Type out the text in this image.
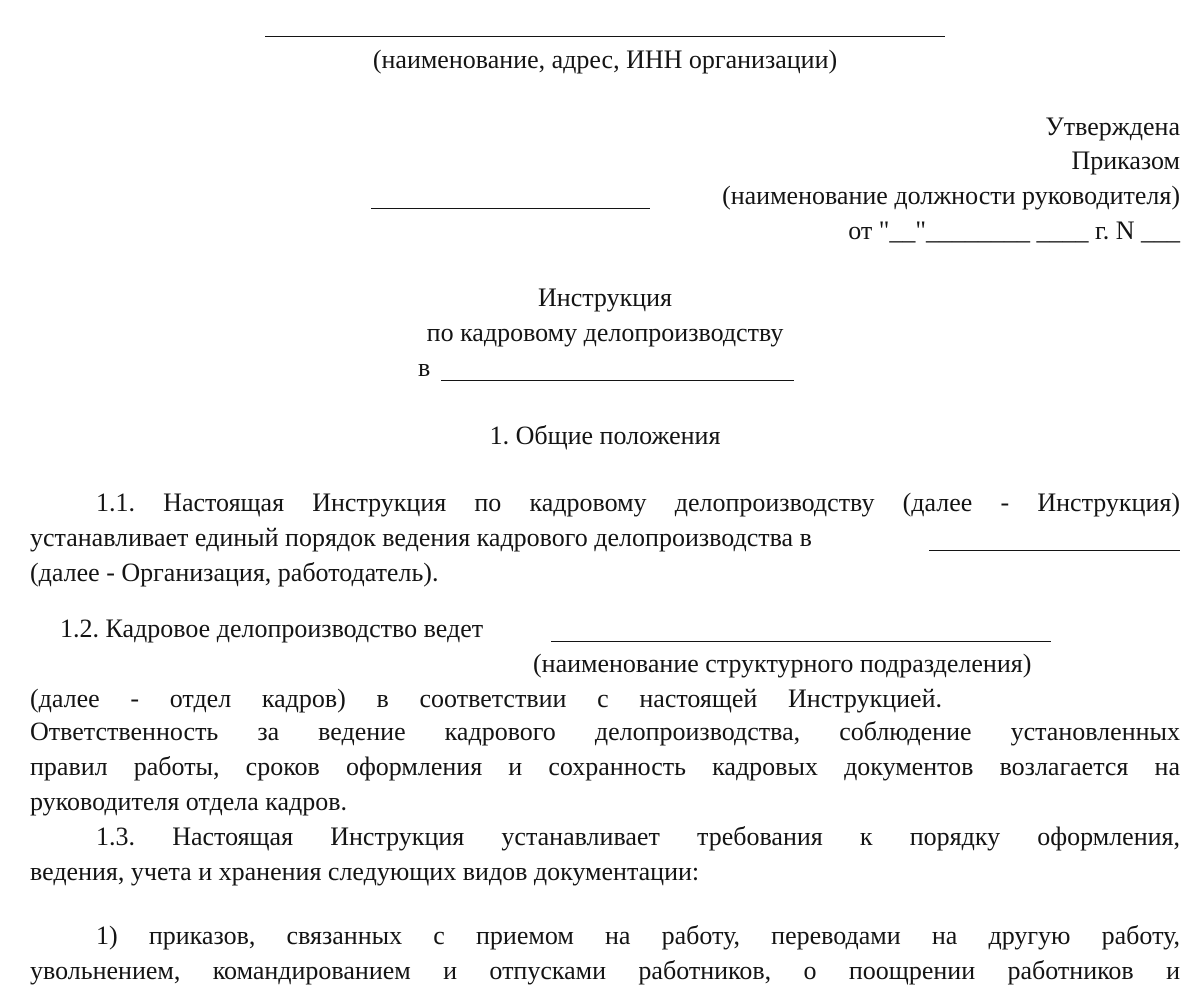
(наименование, адрес, ИНН организации)
Утверждена
Приказом
(наименование должности руководителя)
от "__"________ ____ г. N ___
Инструкция
по кадровому делопроизводству
в
1. Общие положения
1.1. Настоящая Инструкция по кадровому делопроизводству (далее - Инструкция)
устанавливает единый порядок ведения кадрового делопроизводства в
(далее - Организация, работодатель).
1.2. Кадровое делопроизводство ведет
(наименование структурного подразделения)
(далее - отдел кадров) в соответствии с настоящей Инструкцией.
Ответственность за ведение кадрового делопроизводства, соблюдение установленных
правил работы, сроков оформления и сохранность кадровых документов возлагается на
руководителя отдела кадров.
1.3. Настоящая Инструкция устанавливает требования к порядку оформления,
ведения, учета и хранения следующих видов документации:
1) приказов, связанных с приемом на работу, переводами на другую работу,
увольнением, командированием и отпусками работников, о поощрении работников и
